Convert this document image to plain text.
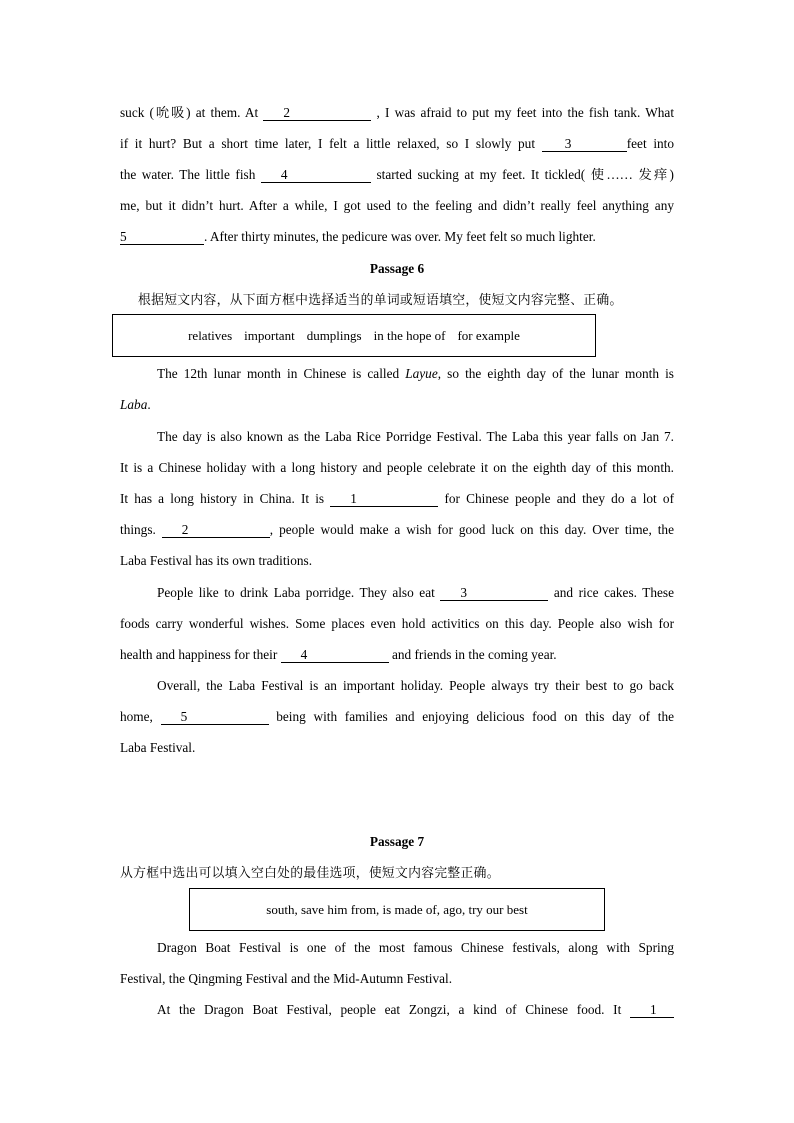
suck (吮吸) at them. At 2	, I was afraid to put my feet into the fish tank. What
if it hurt? But a short time later, I felt a little relaxed, so I slowly put 3	feet into
the water. The little fish 4	started sucking at my feet. It tickled( 使…… 发痒)
me, but it didn’t hurt. After a while, I got used to the feeling and didn’t really feel anything any
5	. After thirty minutes, the pedicure was over. My feet felt so much lighter.
Passage 6
根据短文内容，从下面方框中选择适当的单词或短语填空，使短文内容完整、正确。
relatives important dumplings in the hope of for example
The 12th lunar month in Chinese is called Layue, so the eighth day of the lunar month is
Laba.
The day is also known as the Laba Rice Porridge Festival. The Laba this year falls on Jan 7.
It is a Chinese holiday with a long history and people celebrate it on the eighth day of this month.
It has a long history in China. It is 1	for Chinese people and they do a lot of
things. 2	, people would make a wish for good luck on this day. Over time, the
Laba Festival has its own traditions.
People like to drink Laba porridge. They also eat 3	and rice cakes. These
foods carry wonderful wishes. Some places even hold activitics on this day. People also wish for
health and happiness for their 4	and friends in the coming year.
Overall, the Laba Festival is an important holiday. People always try their best to go back
home, 5	being with families and enjoying delicious food on this day of the
Laba Festival.
Passage 7
从方框中选出可以填入空白处的最佳选项，使短文内容完整正确。
south, save him from, is made of, ago, try our best
Dragon Boat Festival is one of the most famous Chinese festivals, along with Spring
Festival, the Qingming Festival and the Mid-Autumn Festival.
At the Dragon Boat Festival, people eat Zongzi, a kind of Chinese food. It 1
